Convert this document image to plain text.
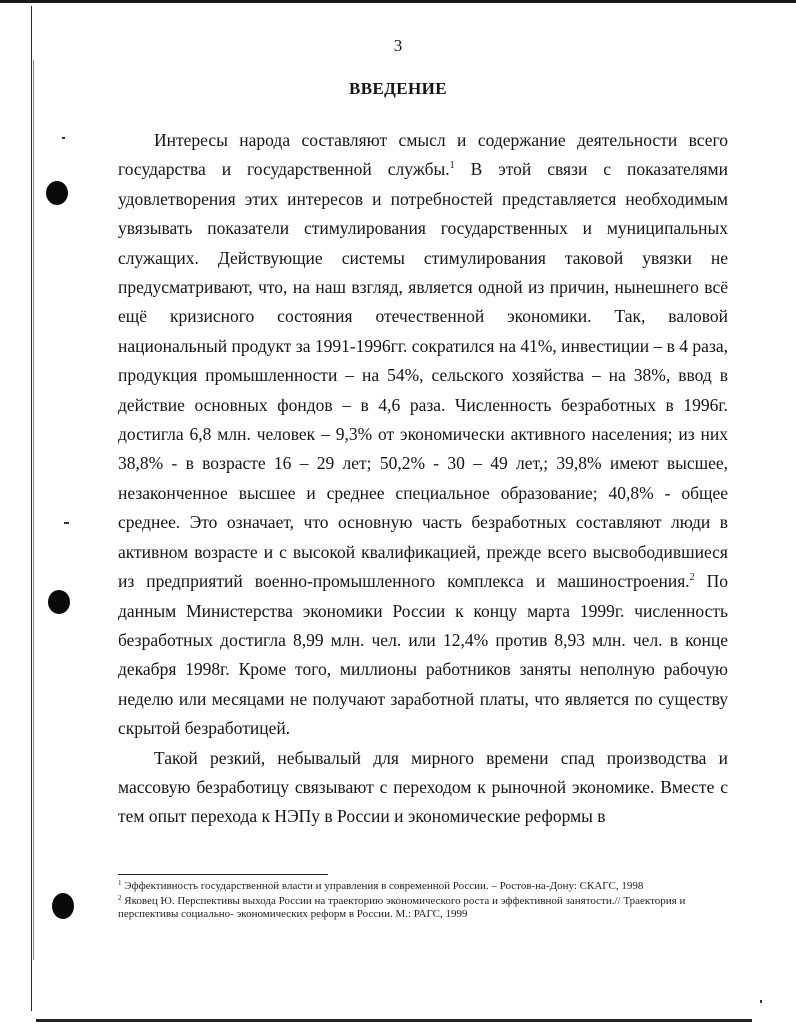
3
ВВЕДЕНИЕ

Интересы народа составляют смысл и содержание деятельности всего государства и государственной службы.$^1$ В этой связи с показателями удовлетворения этих интересов и потребностей представляется необходимым увязывать показатели стимулирования государственных и муниципальных служащих. Действующие системы стимулирования таковой увязки не предусматривают, что, на наш взгляд, является одной из причин, нынешнего всё ещё кризисного состояния отечественной экономики. Так, валовой национальный продукт за 1991-1996гг. сократился на 41%, инвестиции – в 4 раза, продукция промышленности – на 54%, сельского хозяйства – на 38%, ввод в действие основных фондов – в 4,6 раза. Численность безработных в 1996г. достигла 6,8 млн. человек – 9,3% от экономически активного населения; из них 38,8% - в возрасте 16 – 29 лет; 50,2% - 30 – 49 лет,; 39,8% имеют высшее, незаконченное высшее и среднее специальное образование; 40,8% - общее среднее. Это означает, что основную часть безработных составляют люди в активном возрасте и с высокой квалификацией, прежде всего высвободившиеся из предприятий военно-промышленного комплекса и машиностроения.$^2$ По данным Министерства экономики России к концу марта 1999г. численность безработных достигла 8,99 млн. чел. или 12,4% против 8,93 млн. чел. в конце декабря 1998г. Кроме того, миллионы работников заняты неполную рабочую неделю или месяцами не получают заработной платы, что является по существу скрытой безработицей.

Такой резкий, небывалый для мирного времени спад производства и массовую безработицу связывают с переходом к рыночной экономике. Вместе с тем опыт перехода к НЭПу в России и экономические реформы в

$^1$ Эффективность государственной власти и управления в современной России. – Ростов-на-Дону: СКАГС, 1998

$^2$ Яковец Ю. Перспективы выхода России на траекторию экономического роста и эффективной занятости.// Траектория и перспективы социально- экономических реформ в России. М.: РАГС, 1999
